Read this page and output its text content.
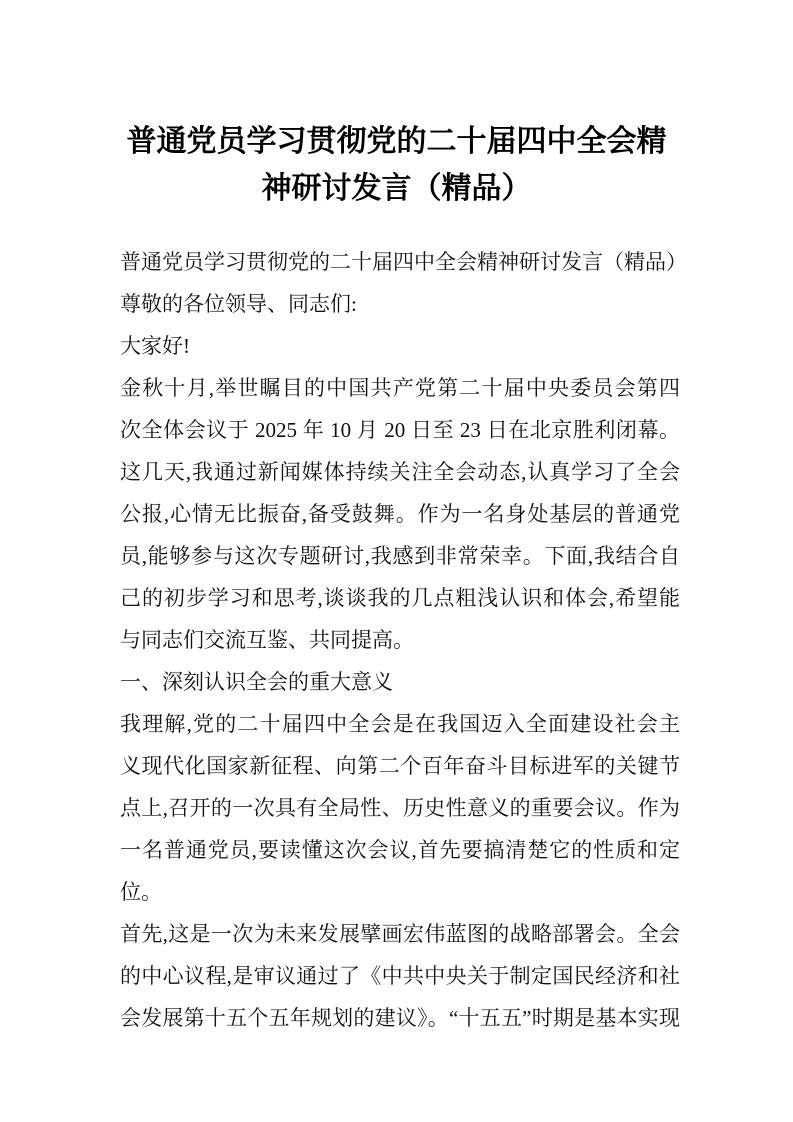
普通党员学习贯彻党的二十届四中全会精神研讨发言（精品）
普通党员学习贯彻党的二十届四中全会精神研讨发言（精品）
尊敬的各位领导、同志们:
大家好!
金秋十月,举世瞩目的中国共产党第二十届中央委员会第四
次全体会议于 2025 年 10 月 20 日至 23 日在北京胜利闭幕。
这几天,我通过新闻媒体持续关注全会动态,认真学习了全会
公报,心情无比振奋,备受鼓舞。作为一名身处基层的普通党
员,能够参与这次专题研讨,我感到非常荣幸。下面,我结合自
己的初步学习和思考,谈谈我的几点粗浅认识和体会,希望能
与同志们交流互鉴、共同提高。
一、深刻认识全会的重大意义
我理解,党的二十届四中全会是在我国迈入全面建设社会主
义现代化国家新征程、向第二个百年奋斗目标进军的关键节
点上,召开的一次具有全局性、历史性意义的重要会议。作为
一名普通党员,要读懂这次会议,首先要搞清楚它的性质和定
位。
首先,这是一次为未来发展擘画宏伟蓝图的战略部署会。全会
的中心议程,是审议通过了《中共中央关于制定国民经济和社
会发展第十五个五年规划的建议》。“十五五”时期是基本实现
